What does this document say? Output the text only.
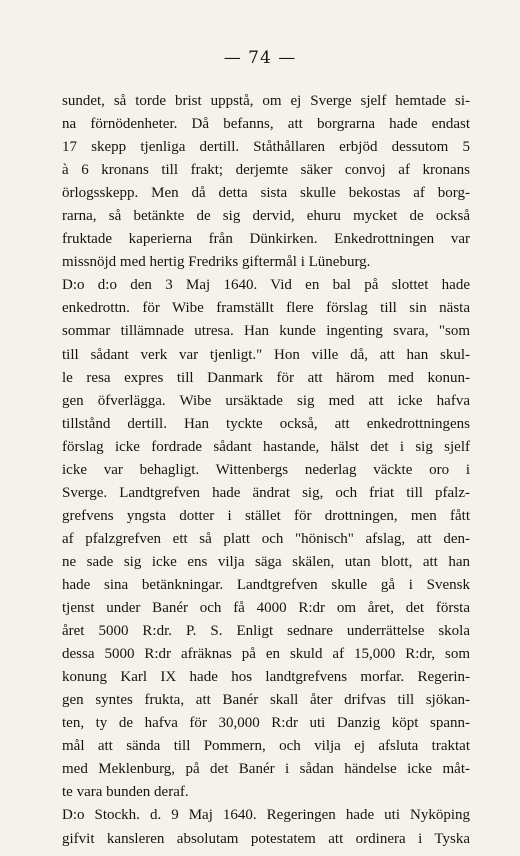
— 74 —
sundet, så torde brist uppstå, om ej Sverge sjelf hemtade si-
na förnödenheter. Då befanns, att borgrarna hade endast
17 skepp tjenliga dertill. Ståthållaren erbjöd dessutom 5
à 6 kronans till frakt; derjemte säker convoj af kronans
örlogsskepp. Men då detta sista skulle bekostas af borg-
rarna, så betänkte de sig dervid, ehuru mycket de också
fruktade kaperierna från Dünkirken. Enkedrottningen var
missnöjd med hertig Fredriks giftermål i Lüneburg.
D:o d:o den 3 Maj 1640. Vid en bal på slottet hade
enkedrottn. för Wibe framställt flere förslag till sin nästa
sommar tillämnade utresa. Han kunde ingenting svara, "som
till sådant verk var tjenligt." Hon ville då, att han skul-
le resa expres till Danmark för att härom med konun-
gen öfverlägga. Wibe ursäktade sig med att icke hafva
tillstånd dertill. Han tyckte också, att enkedrottningens
förslag icke fordrade sådant hastande, hälst det i sig sjelf
icke var behagligt. Wittenbergs nederlag väckte oro i
Sverge. Landtgrefven hade ändrat sig, och friat till pfalz-
grefvens yngsta dotter i stället för drottningen, men fått
af pfalzgrefven ett så platt och "hönisch" afslag, att den-
ne sade sig icke ens vilja säga skälen, utan blott, att han
hade sina betänkningar. Landtgrefven skulle gå i Svensk
tjenst under Banér och få 4000 R:dr om året, det första
året 5000 R:dr. P. S. Enligt sednare underrättelse skola
dessa 5000 R:dr afräknas på en skuld af 15,000 R:dr, som
konung Karl IX hade hos landtgrefvens morfar. Regerin-
gen syntes frukta, att Banér skall åter drifvas till sjökan-
ten, ty de hafva för 30,000 R:dr uti Danzig köpt spann-
mål att sända till Pommern, och vilja ej afsluta traktat
med Meklenburg, på det Banér i sådan händelse icke måt-
te vara bunden deraf.
D:o Stockh. d. 9 Maj 1640. Regeringen hade uti Nyköping
gifvit kansleren absolutam potestatem att ordinera i Tyska
